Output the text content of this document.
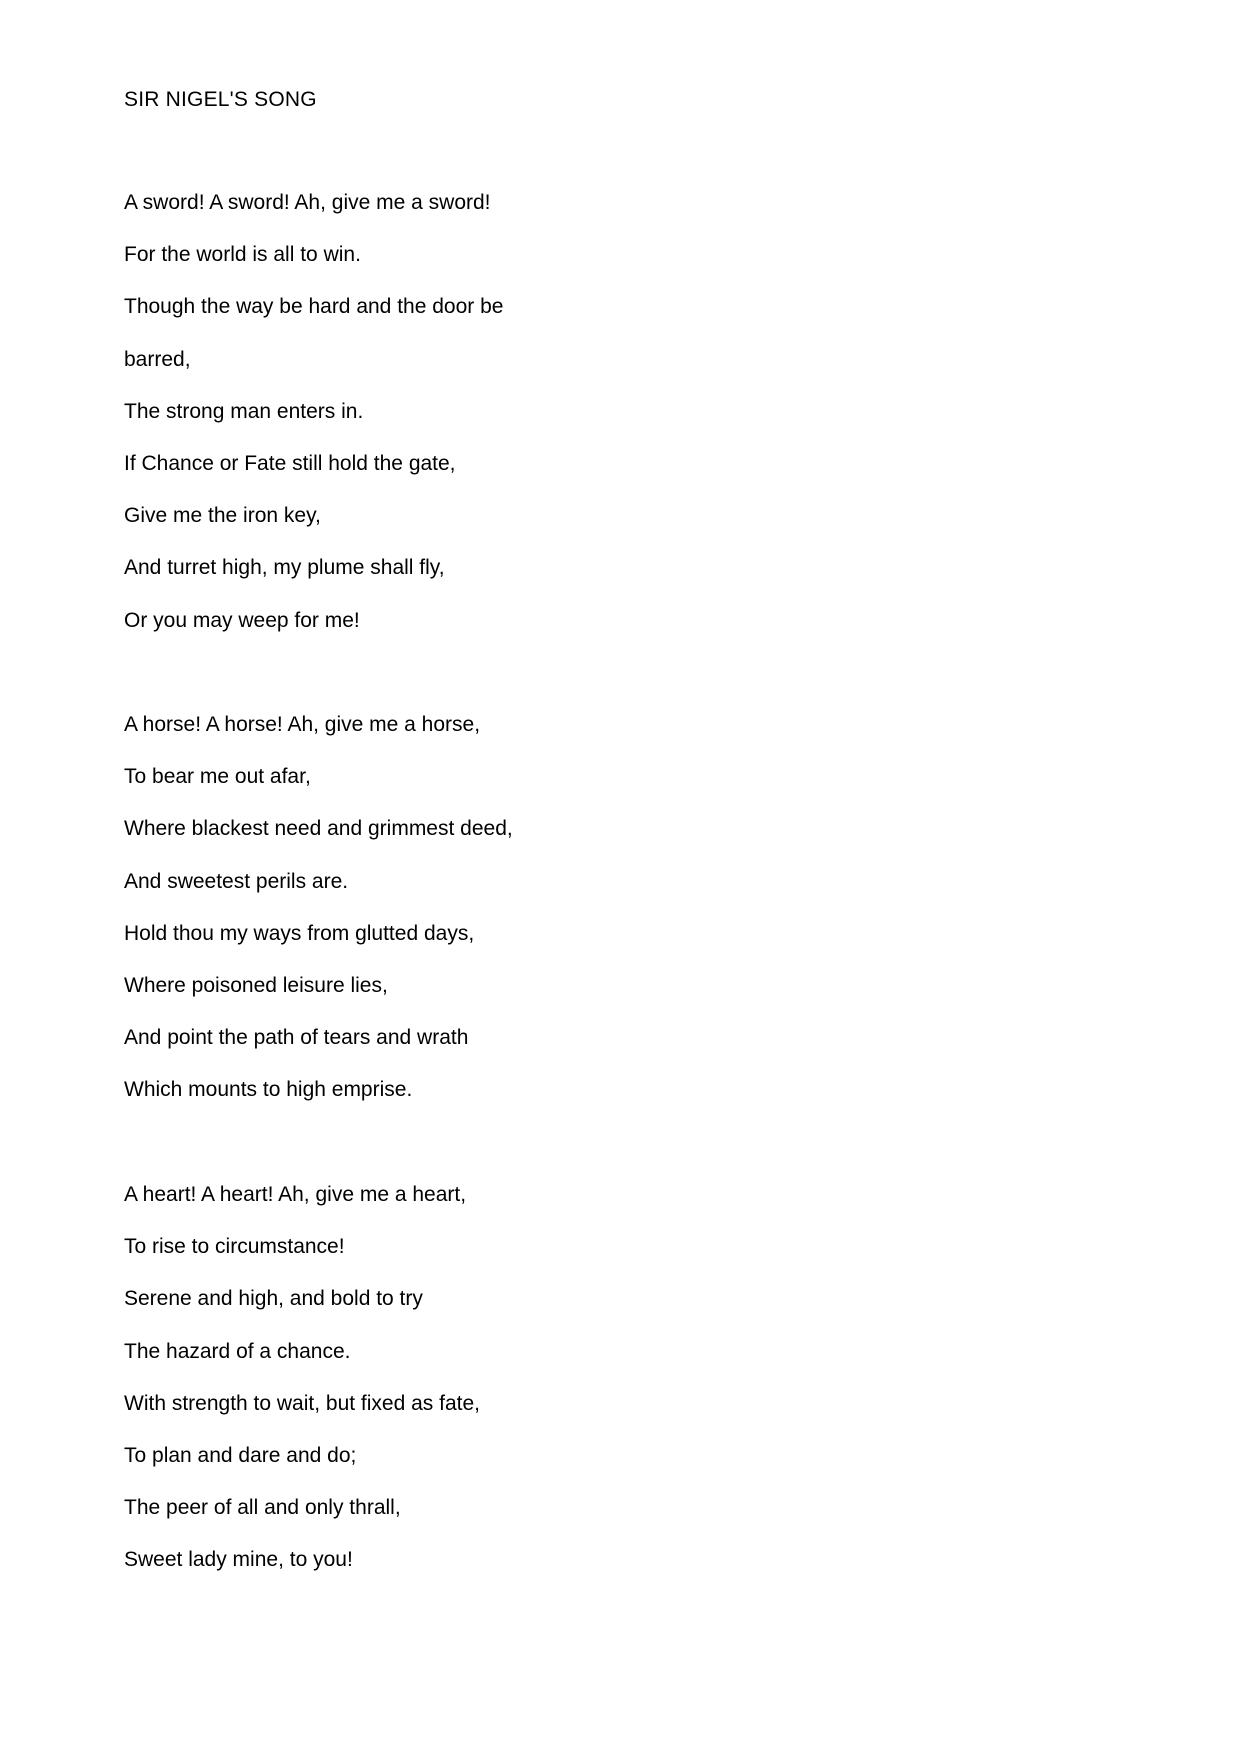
SIR NIGEL'S SONG
A sword! A sword! Ah, give me a sword!
For the world is all to win.
Though the way be hard and the door be
barred,
The strong man enters in.
If Chance or Fate still hold the gate,
Give me the iron key,
And turret high, my plume shall fly,
Or you may weep for me!
A horse! A horse! Ah, give me a horse,
To bear me out afar,
Where blackest need and grimmest deed,
And sweetest perils are.
Hold thou my ways from glutted days,
Where poisoned leisure lies,
And point the path of tears and wrath
Which mounts to high emprise.
A heart! A heart! Ah, give me a heart,
To rise to circumstance!
Serene and high, and bold to try
The hazard of a chance.
With strength to wait, but fixed as fate,
To plan and dare and do;
The peer of all and only thrall,
Sweet lady mine, to you!
